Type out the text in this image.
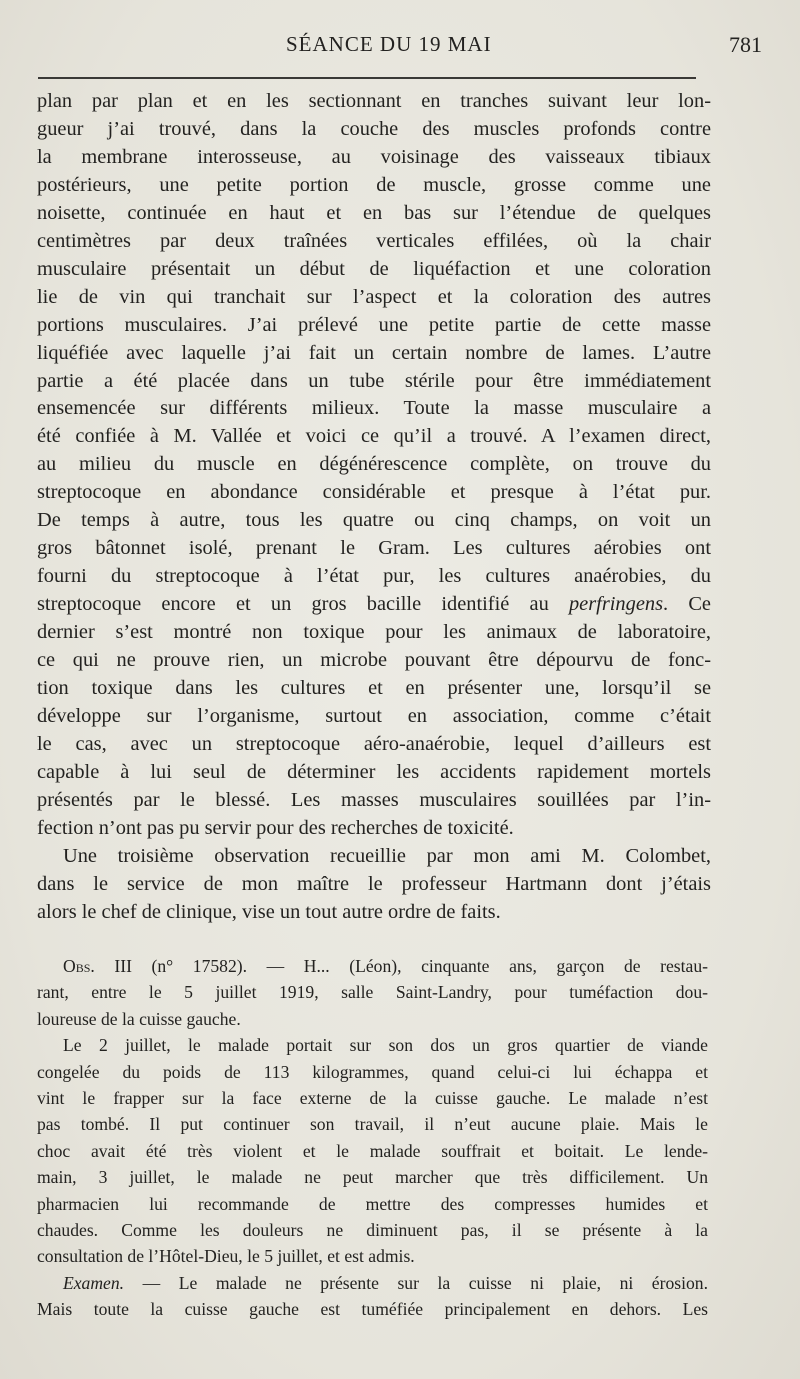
SÉANCE DU 19 MAI	781

plan par plan et en les sectionnant en tranches suivant leur lon-

gueur j’ai trouvé, dans la couche des muscles profonds contre

la membrane interosseuse, au voisinage des vaisseaux tibiaux

postérieurs, une petite portion de muscle, grosse comme une

noisette, continuée en haut et en bas sur l’étendue de quelques

centimètres par deux traînées verticales effilées, où la chair

musculaire présentait un début de liquéfaction et une coloration

lie de vin qui tranchait sur l’aspect et la coloration des autres

portions musculaires. J’ai prélevé une petite partie de cette masse

liquéfiée avec laquelle j’ai fait un certain nombre de lames. L’autre

partie a été placée dans un tube stérile pour être immédiatement

ensemencée sur différents milieux. Toute la masse musculaire a

été confiée à M. Vallée et voici ce qu’il a trouvé. A l’examen direct,

au milieu du muscle en dégénérescence complète, on trouve du

streptocoque en abondance considérable et presque à l’état pur.

De temps à autre, tous les quatre ou cinq champs, on voit un

gros bâtonnet isolé, prenant le Gram. Les cultures aérobies ont

fourni du streptocoque à l’état pur, les cultures anaérobies, du

streptocoque encore et un gros bacille identifié au perfringens. Ce

dernier s’est montré non toxique pour les animaux de laboratoire,

ce qui ne prouve rien, un microbe pouvant être dépourvu de fonc-

tion toxique dans les cultures et en présenter une, lorsqu’il se

développe sur l’organisme, surtout en association, comme c’était

le cas, avec un streptocoque aéro-anaérobie, lequel d’ailleurs est

capable à lui seul de déterminer les accidents rapidement mortels

présentés par le blessé. Les masses musculaires souillées par l’in-

fection n’ont pas pu servir pour des recherches de toxicité.

Une troisième observation recueillie par mon ami M. Colombet,

dans le service de mon maître le professeur Hartmann dont j’étais

alors le chef de clinique, vise un tout autre ordre de faits.

Obs. III (n° 17582). — H... (Léon), cinquante ans, garçon de restau-

rant, entre le 5 juillet 1919, salle Saint-Landry, pour tuméfaction dou-

loureuse de la cuisse gauche.

Le 2 juillet, le malade portait sur son dos un gros quartier de viande

congelée du poids de 113 kilogrammes, quand celui-ci lui échappa et

vint le frapper sur la face externe de la cuisse gauche. Le malade n’est

pas tombé. Il put continuer son travail, il n’eut aucune plaie. Mais le

choc avait été très violent et le malade souffrait et boitait. Le lende-

main, 3 juillet, le malade ne peut marcher que très difficilement. Un

pharmacien lui recommande de mettre des compresses humides et

chaudes. Comme les douleurs ne diminuent pas, il se présente à la

consultation de l’Hôtel-Dieu, le 5 juillet, et est admis.

Examen. — Le malade ne présente sur la cuisse ni plaie, ni érosion.

Mais toute la cuisse gauche est tuméfiée principalement en dehors. Les
